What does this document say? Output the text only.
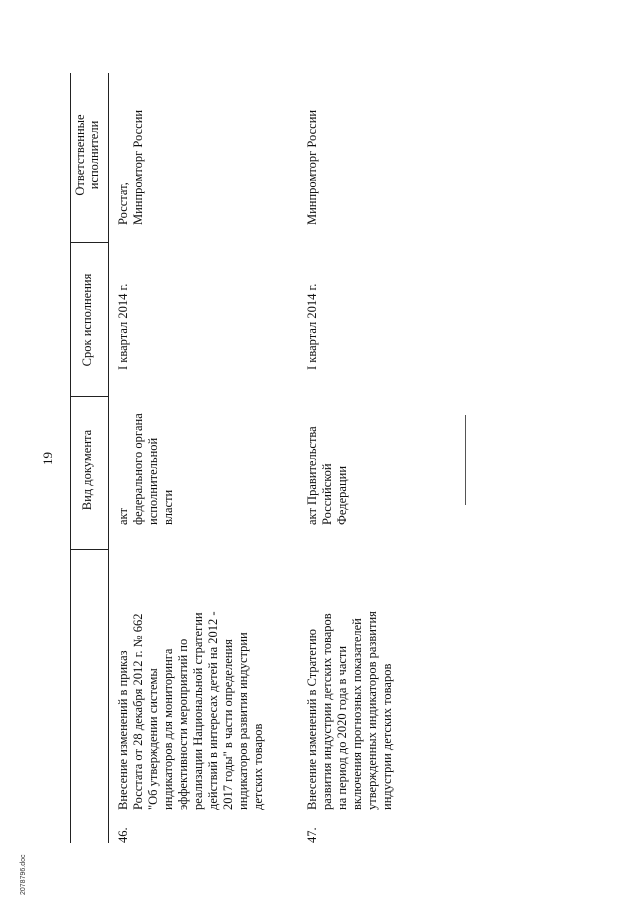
2078796.doc
19 Вид документа
Срок исполнения
Ответственные исполнители
46.
Внесение изменений в приказ Росстата от 28 декабря 2012 г. № 662 "Об утверждении системы индикаторов для мониторинга эффективности мероприятий по реализации Национальной стратегии действий в интересах детей на 2012 - 2017 годы" в части определения индикаторов развития индустрии детских товаров
акт федерального органа исполнительной власти
I квартал 2014 г.
Росстат, Минпромторг России
47.
Внесение изменений в Стратегию развития индустрии детских товаров на период до 2020 года в части включения прогнозных показателей утвержденных индикаторов развития индустрии детских товаров
акт Правительства Российской Федерации
I квартал 2014 г.
Минпромторг России
